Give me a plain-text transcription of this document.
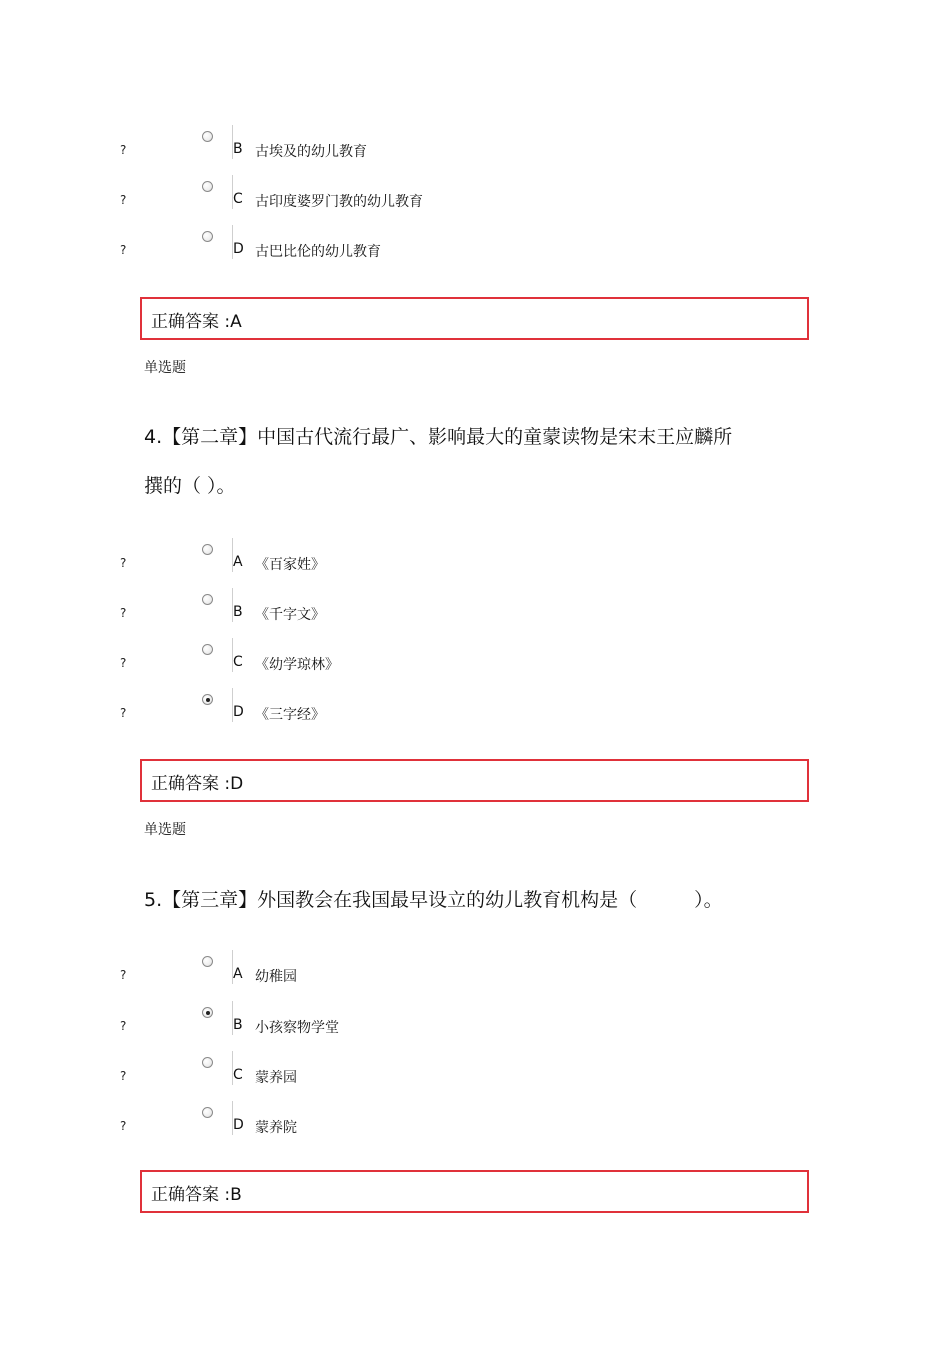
?	B 古埃及的幼儿教育
?	C 古印度婆罗门教的幼儿教育
?	D 古巴比伦的幼儿教育
正确答案 :A
单选题
4.【第二章】中国古代流行最广、影响最大的童蒙读物是宋末王应麟所
撰的（ ）。
?	A 《百家姓》
?	B 《千字文》
?	C 《幼学琼林》
?	D 《三字经》
正确答案 :D
单选题
5.【第三章】外国教会在我国最早设立的幼儿教育机构是（　　　）。
?	A 幼稚园
?	B 小孩察物学堂
?	C 蒙养园
?	D 蒙养院
正确答案 :B
